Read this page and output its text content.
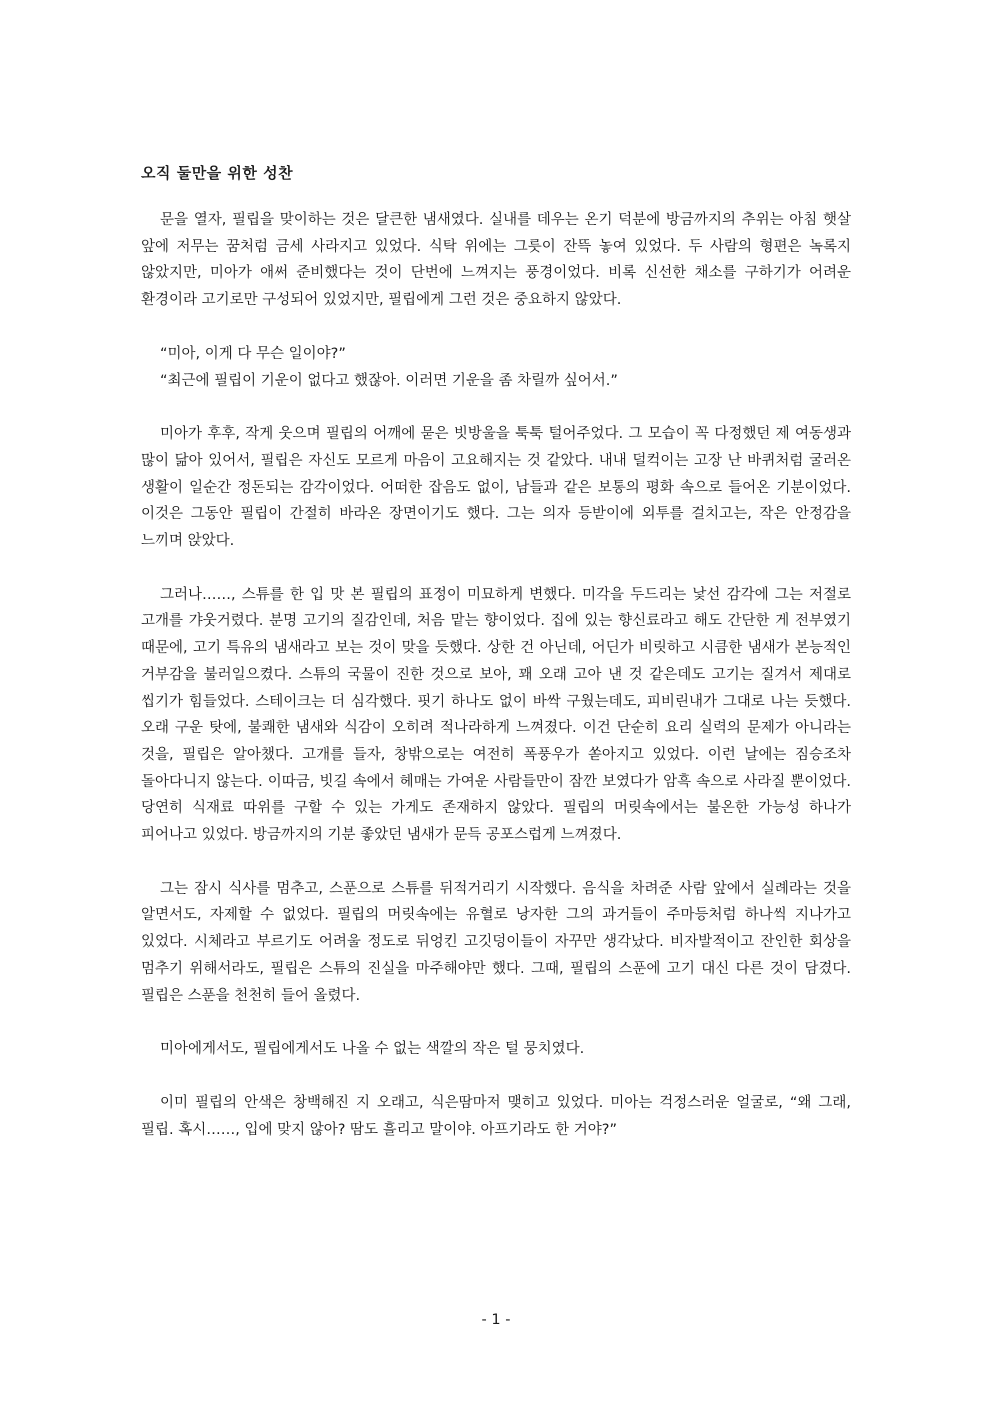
오직 둘만을 위한 성찬

문을 열자, 필립을 맞이하는 것은 달큰한 냄새였다. 실내를 데우는 온기 덕분에 방금까지의 추위는 아침 햇살 앞에 저무는 꿈처럼 금세 사라지고 있었다. 식탁 위에는 그릇이 잔뜩 놓여 있었다. 두 사람의 형편은 녹록지 않았지만, 미아가 애써 준비했다는 것이 단번에 느껴지는 풍경이었다. 비록 신선한 채소를 구하기가 어려운 환경이라 고기로만 구성되어 있었지만, 필립에게 그런 것은 중요하지 않았다.

“미아, 이게 다 무슨 일이야?”

“최근에 필립이 기운이 없다고 했잖아. 이러면 기운을 좀 차릴까 싶어서.”

미아가 후후, 작게 웃으며 필립의 어깨에 묻은 빗방울을 툭툭 털어주었다. 그 모습이 꼭 다정했던 제 여동생과 많이 닮아 있어서, 필립은 자신도 모르게 마음이 고요해지는 것 같았다. 내내 덜컥이는 고장 난 바퀴처럼 굴러온 생활이 일순간 정돈되는 감각이었다. 어떠한 잡음도 없이, 남들과 같은 보통의 평화 속으로 들어온 기분이었다. 이것은 그동안 필립이 간절히 바라온 장면이기도 했다. 그는 의자 등받이에 외투를 걸치고는, 작은 안정감을 느끼며 앉았다.

그러나……, 스튜를 한 입 맛 본 필립의 표정이 미묘하게 변했다. 미각을 두드리는 낯선 감각에 그는 저절로 고개를 갸웃거렸다. 분명 고기의 질감인데, 처음 맡는 향이었다. 집에 있는 향신료라고 해도 간단한 게 전부였기 때문에, 고기 특유의 냄새라고 보는 것이 맞을 듯했다. 상한 건 아닌데, 어딘가 비릿하고 시큼한 냄새가 본능적인 거부감을 불러일으켰다. 스튜의 국물이 진한 것으로 보아, 꽤 오래 고아 낸 것 같은데도 고기는 질겨서 제대로 씹기가 힘들었다. 스테이크는 더 심각했다. 핏기 하나도 없이 바싹 구웠는데도, 피비린내가 그대로 나는 듯했다. 오래 구운 탓에, 불쾌한 냄새와 식감이 오히려 적나라하게 느껴졌다. 이건 단순히 요리 실력의 문제가 아니라는 것을, 필립은 알아챘다. 고개를 들자, 창밖으로는 여전히 폭풍우가 쏟아지고 있었다. 이런 날에는 짐승조차 돌아다니지 않는다. 이따금, 빗길 속에서 헤매는 가여운 사람들만이 잠깐 보였다가 암흑 속으로 사라질 뿐이었다. 당연히 식재료 따위를 구할 수 있는 가게도 존재하지 않았다. 필립의 머릿속에서는 불온한 가능성 하나가 피어나고 있었다. 방금까지의 기분 좋았던 냄새가 문득 공포스럽게 느껴졌다.

그는 잠시 식사를 멈추고, 스푼으로 스튜를 뒤적거리기 시작했다. 음식을 차려준 사람 앞에서 실례라는 것을 알면서도, 자제할 수 없었다. 필립의 머릿속에는 유혈로 낭자한 그의 과거들이 주마등처럼 하나씩 지나가고 있었다. 시체라고 부르기도 어려울 정도로 뒤엉킨 고깃덩이들이 자꾸만 생각났다. 비자발적이고 잔인한 회상을 멈추기 위해서라도, 필립은 스튜의 진실을 마주해야만 했다. 그때, 필립의 스푼에 고기 대신 다른 것이 담겼다. 필립은 스푼을 천천히 들어 올렸다.

미아에게서도, 필립에게서도 나올 수 없는 색깔의 작은 털 뭉치였다.

이미 필립의 안색은 창백해진 지 오래고, 식은땀마저 맺히고 있었다. 미아는 걱정스러운 얼굴로, “왜 그래, 필립. 혹시……, 입에 맞지 않아? 땀도 흘리고 말이야. 아프기라도 한 거야?”

- 1 -
